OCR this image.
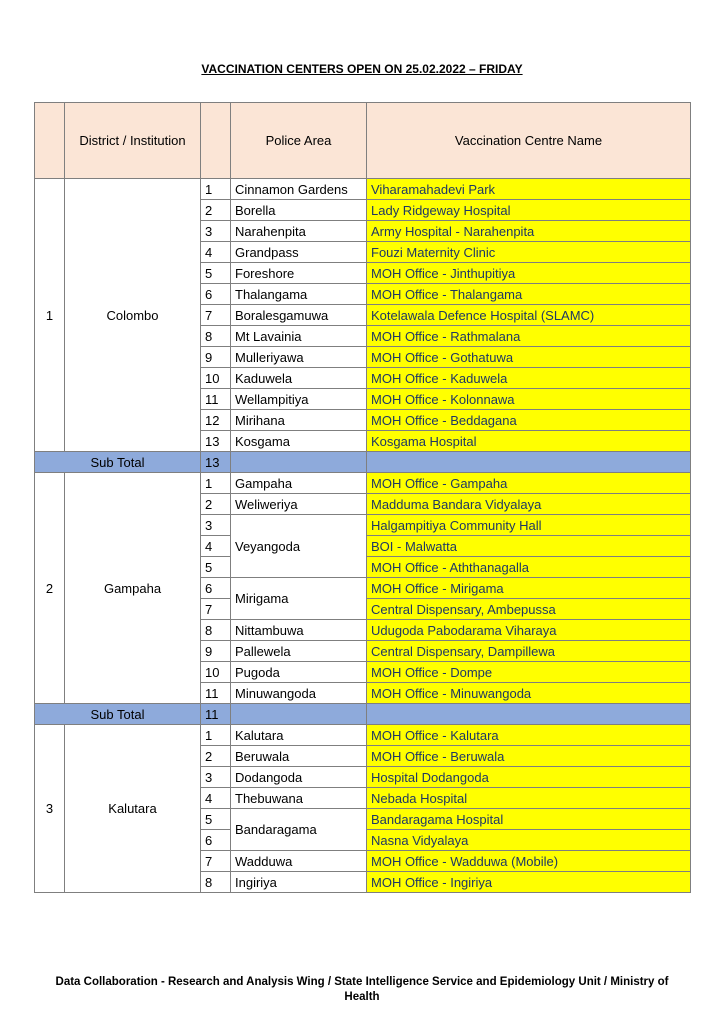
VACCINATION CENTERS OPEN ON 25.02.2022 – FRIDAY
	District / Institution		Police Area	Vaccination Centre Name
1	Colombo	1	Cinnamon Gardens	Viharamahadevi Park
		2	Borella	Lady Ridgeway Hospital
		3	Narahenpita	Army Hospital - Narahenpita
		4	Grandpass	Fouzi Maternity Clinic
		5	Foreshore	MOH Office - Jinthupitiya
		6	Thalangama	MOH Office - Thalangama
		7	Boralesgamuwa	Kotelawala Defence Hospital (SLAMC)
		8	Mt Lavainia	MOH Office - Rathmalana
		9	Mulleriyawa	MOH Office - Gothatuwa
		10	Kaduwela	MOH Office - Kaduwela
		11	Wellampitiya	MOH Office - Kolonnawa
		12	Mirihana	MOH Office - Beddagana
		13	Kosgama	Kosgama Hospital
Sub Total		13		
2	Gampaha	1	Gampaha	MOH Office - Gampaha
		2	Weliweriya	Madduma Bandara Vidyalaya
		3	Veyangoda	Halgampitiya Community Hall
		4		BOI - Malwatta
		5		MOH Office - Aththanagalla
		6	Mirigama	MOH Office - Mirigama
		7		Central Dispensary, Ambepussa
		8	Nittambuwa	Udugoda Pabodarama Viharaya
		9	Pallewela	Central Dispensary, Dampillewa
		10	Pugoda	MOH Office - Dompe
		11	Minuwangoda	MOH Office - Minuwangoda
Sub Total		11		
3	Kalutara	1	Kalutara	MOH Office - Kalutara
		2	Beruwala	MOH Office - Beruwala
		3	Dodangoda	Hospital Dodangoda
		4	Thebuwana	Nebada Hospital
		5	Bandaragama	Bandaragama Hospital
		6		Nasna Vidyalaya
		7	Wadduwa	MOH Office - Wadduwa (Mobile)
		8	Ingiriya	MOH Office - Ingiriya
Data Collaboration - Research and Analysis Wing / State Intelligence Service and Epidemiology Unit / Ministry of Health
